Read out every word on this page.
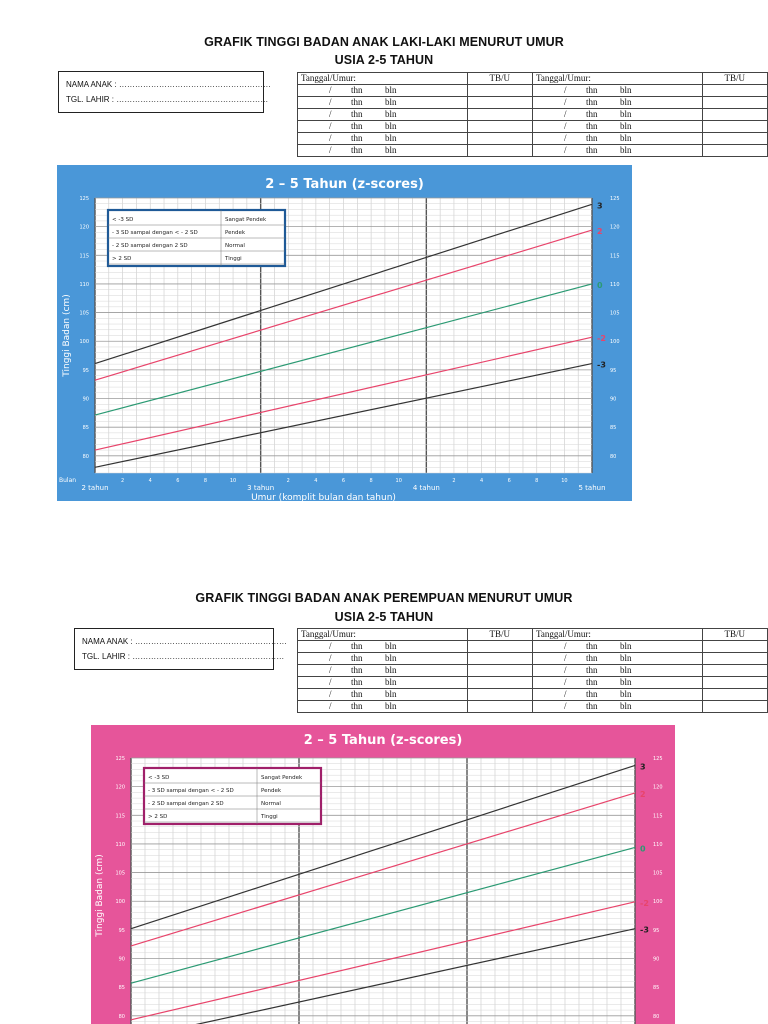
GRAFIK TINGGI BADAN ANAK LAKI-LAKI MENURUT UMUR
USIA 2-5 TAHUN
NAMA ANAK : …………………………………………………
TGL. LAHIR : …………………………………………………
Tanggal/Umur:	TB/U	Tanggal/Umur:	TB/U
/ thn bln		/ thn bln	
/ thn bln		/ thn bln	
/ thn bln		/ thn bln	
/ thn bln		/ thn bln	
/ thn bln		/ thn bln	
/ thn bln		/ thn bln	
80	80
85	85
90	90
95	95
100	100
105	105
110	110
115	115
120	120
125	125
3
2
0
-2
-3
2 – 5 Tahun (z-scores)
Tinggi Badan (cm)
Bulan	2	4	6	8	10	2	4	6	8	10	2	4	6	8	10
2 tahun	3 tahun	4 tahun	5 tahun
Umur (komplit bulan dan tahun)
< -3 SD	Sangat Pendek
- 3 SD sampai dengan < - 2 SD	Pendek
- 2 SD sampai dengan 2 SD	Normal
> 2 SD	Tinggi
GRAFIK TINGGI BADAN ANAK PEREMPUAN MENURUT UMUR
USIA 2-5 TAHUN
NAMA ANAK : …………………………………………………
TGL. LAHIR : …………………………………………………
Tanggal/Umur:	TB/U	Tanggal/Umur:	TB/U
/ thn bln		/ thn bln	
/ thn bln		/ thn bln	
/ thn bln		/ thn bln	
/ thn bln		/ thn bln	
/ thn bln		/ thn bln	
/ thn bln		/ thn bln	
80	80
85	85
90	90
95	95
100	100
105	105
110	110
115	115
120	120
125	125
3
2
0
-2
-3
2 – 5 Tahun (z-scores)
Tinggi Badan (cm)
< -3 SD	Sangat Pendek
- 3 SD sampai dengan < - 2 SD	Pendek
- 2 SD sampai dengan 2 SD	Normal
> 2 SD	Tinggi
